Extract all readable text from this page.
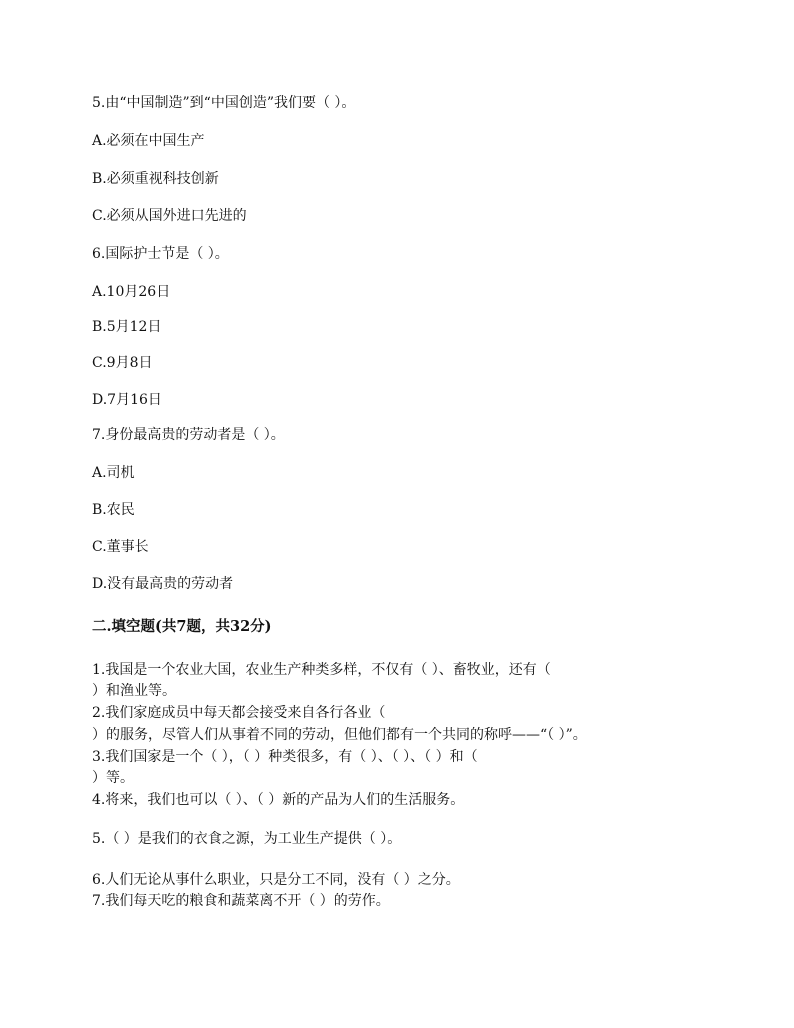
5.由“中国制造”到“中国创造”我们要（ ）。
A.必须在中国生产
B.必须重视科技创新
C.必须从国外进口先进的
6.国际护士节是（ ）。
A.10月26日
B.5月12日
C.9月8日
D.7月16日
7.身份最高贵的劳动者是（ ）。
A.司机
B.农民
C.董事长
D.没有最高贵的劳动者
二.填空题(共7题，共32分)
1.我国是一个农业大国，农业生产种类多样，不仅有（ ）、畜牧业，还有（
）和渔业等。
2.我们家庭成员中每天都会接受来自各行各业（
）的服务，尽管人们从事着不同的劳动，但他们都有一个共同的称呼——“（ ）”。
3.我们国家是一个（ ），（ ）种类很多，有（ ）、（ ）、（ ）和（
）等。
4.将来，我们也可以（ ）、（ ）新的产品为人们的生活服务。
5.（ ）是我们的衣食之源，为工业生产提供（ ）。
6.人们无论从事什么职业，只是分工不同，没有（ ）之分。
7.我们每天吃的粮食和蔬菜离不开（ ）的劳作。
